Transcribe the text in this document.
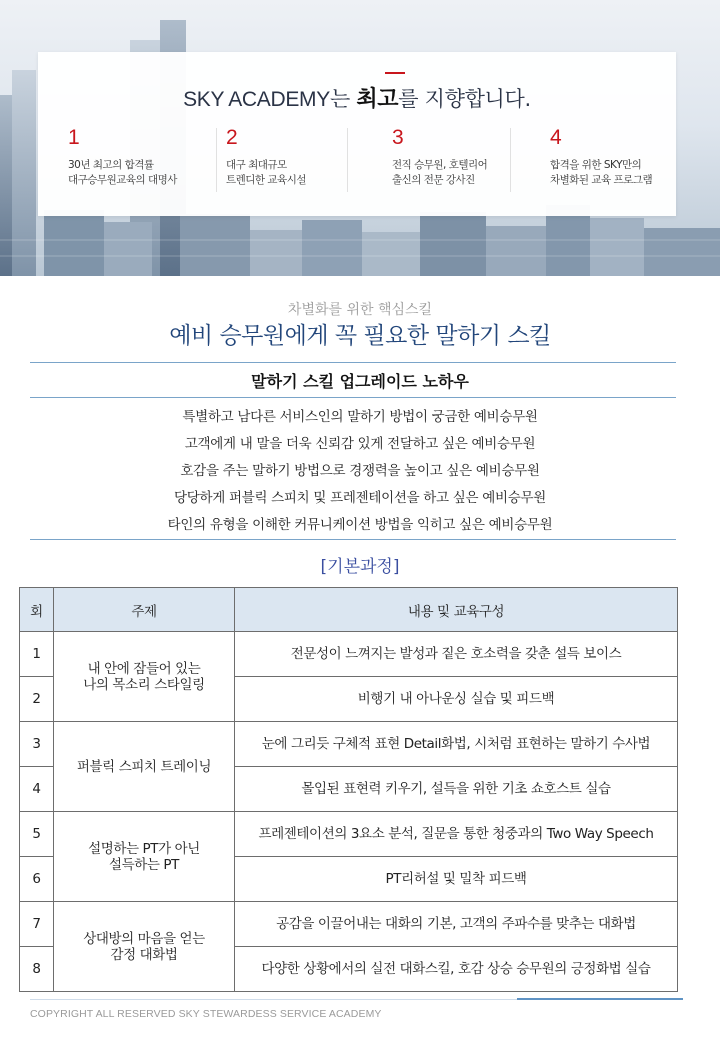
SKY ACADEMY는 최고를 지향합니다.
1
30년 최고의 합격률
대구승무원교육의 대명사
2
대구 최대규모
트렌디한 교육시설
3
전직 승무원, 호텔리어
출신의 전문 강사진
4
합격을 위한 SKY만의
차별화된 교육 프로그램
차별화를 위한 핵심스킬
예비 승무원에게 꼭 필요한 말하기 스킬
말하기 스킬 업그레이드 노하우
특별하고 남다른 서비스인의 말하기 방법이 궁금한 예비승무원
고객에게 내 말을 더욱 신뢰감 있게 전달하고 싶은 예비승무원
호감을 주는 말하기 방법으로 경쟁력을 높이고 싶은 예비승무원
당당하게 퍼블릭 스피치 및 프레젠테이션을 하고 싶은 예비승무원
타인의 유형을 이해한 커뮤니케이션 방법을 익히고 싶은 예비승무원
[기본과정]
회	주제	내용 및 교육구성
1	내 안에 잠들어 있는
나의 목소리 스타일링	전문성이 느껴지는 발성과 짙은 호소력을 갖춘 설득 보이스
2		비행기 내 아나운싱 실습 및 피드백
3	퍼블릭 스피치 트레이닝	눈에 그리듯 구체적 표현 Detail화법, 시처럼 표현하는 말하기 수사법
4		몰입된 표현력 키우기, 설득을 위한 기초 쇼호스트 실습
5	설명하는 PT가 아닌
설득하는 PT	프레젠테이션의 3요소 분석, 질문을 통한 청중과의 Two Way Speech
6		PT리허설 및 밀착 피드백
7	상대방의 마음을 얻는
감정 대화법	공감을 이끌어내는 대화의 기본, 고객의 주파수를 맞추는 대화법
8		다양한 상황에서의 실전 대화스킬, 호감 상승 승무원의 긍정화법 실습
COPYRIGHT ALL RESERVED SKY STEWARDESS SERVICE ACADEMY
